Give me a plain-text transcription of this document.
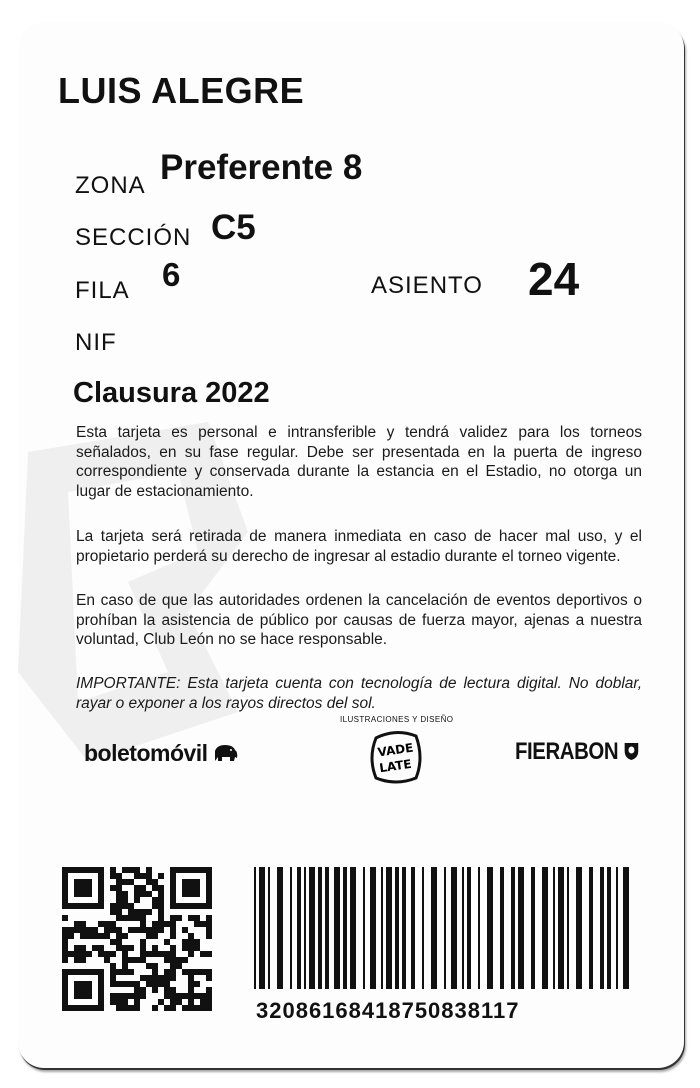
LUIS ALEGRE
ZONA Preferente 8
SECCIÓN C5
FILA 6	ASIENTO 24
NIF
Clausura 2022

Esta tarjeta es personal e intransferible y tendrá validez para los torneos señalados, en su fase regular. Debe ser presentada en la puerta de ingreso correspondiente y conservada durante la estancia en el Estadio, no otorga un lugar de estacionamiento.

La tarjeta será retirada de manera inmediata en caso de hacer mal uso, y el propietario perderá su derecho de ingresar al estadio durante el torneo vigente.

En caso de que las autoridades ordenen la cancelación de eventos deportivos o prohíban la asistencia de público por causas de fuerza mayor, ajenas a nuestra voluntad, Club León no se hace responsable.

IMPORTANTE: Esta tarjeta cuenta con tecnología de lectura digital. No doblar, rayar o exponer a los rayos directos del sol.

boletomóvil
ILUSTRACIONES Y DISEÑO
VADE
LATE
FIERABON
32086168418750838117
